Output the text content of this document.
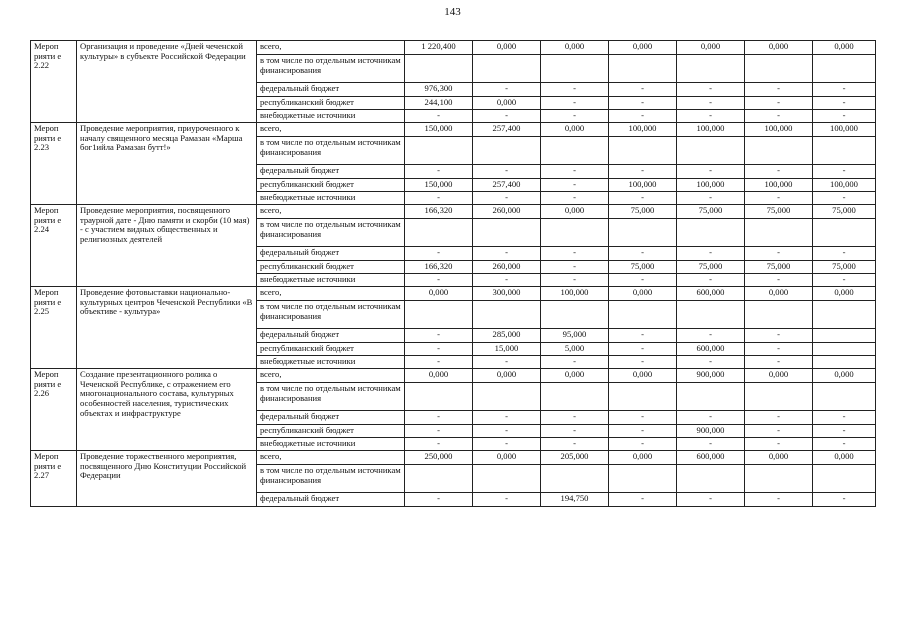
143
Мероп рияти е 2.22	Организация и проведение «Дней чеченской культуры» в субъекте Российской Федерации	всего,	1 220,400	0,000	0,000	0,000	0,000	0,000	0,000
		в том числе по отдельным источникам финансирования							
		федеральный бюджет	976,300	-	-	-	-	-	-
		республиканский бюджет	244,100	0,000	-	-	-	-	-
		внебюджетные источники	-	-	-	-	-	-	-
Мероп рияти е 2.23	Проведение мероприятия, приуроченного к началу священного месяца Рамазан «Марша бог1ийла Рамазан бутт!»	всего,	150,000	257,400	0,000	100,000	100,000	100,000	100,000
		в том числе по отдельным источникам финансирования							
		федеральный бюджет	-	-	-	-	-	-	-
		республиканский бюджет	150,000	257,400	-	100,000	100,000	100,000	100,000
		внебюджетные источники	-	-	-	-	-	-	-
Мероп рияти е 2.24	Проведение мероприятия, посвященного траурной дате - Дню памяти и скорби (10 мая) - с участием видных общественных и религиозных деятелей	всего,	166,320	260,000	0,000	75,000	75,000	75,000	75,000
		в том числе по отдельным источникам финансирования							
		федеральный бюджет	-	-	-	-	-	-	-
		республиканский бюджет	166,320	260,000	-	75,000	75,000	75,000	75,000
		внебюджетные источники	-	-	-	-	-	-	-
Мероп рияти е 2.25	Проведение фотовыставки национально-культурных центров Чеченской Республики «В объективе - культура»	всего,	0,000	300,000	100,000	0,000	600,000	0,000	0,000
		в том числе по отдельным источникам финансирования							
		федеральный бюджет	-	285,000	95,000	-	-	-	
		республиканский бюджет	-	15,000	5,000	-	600,000	-	
		внебюджетные источники	-	-	-	-	-	-	
Мероп рияти е 2.26	Создание презентационного ролика о Чеченской Республике, с отражением его многонационального состава, культурных особенностей населения, туристических объектах и инфраструктуре	всего,	0,000	0,000	0,000	0,000	900,000	0,000	0,000
		в том числе по отдельным источникам финансирования							
		федеральный бюджет	-	-	-	-	-	-	-
		республиканский бюджет	-	-	-	-	900,000	-	-
		внебюджетные источники	-	-	-	-	-	-	-
Мероп рияти е 2.27	Проведение торжественного мероприятия, посвященного Дню Конституции Российской Федерации	всего,	250,000	0,000	205,000	0,000	600,000	0,000	0,000
		в том числе по отдельным источникам финансирования							
		федеральный бюджет	-	-	194,750	-	-	-	-
